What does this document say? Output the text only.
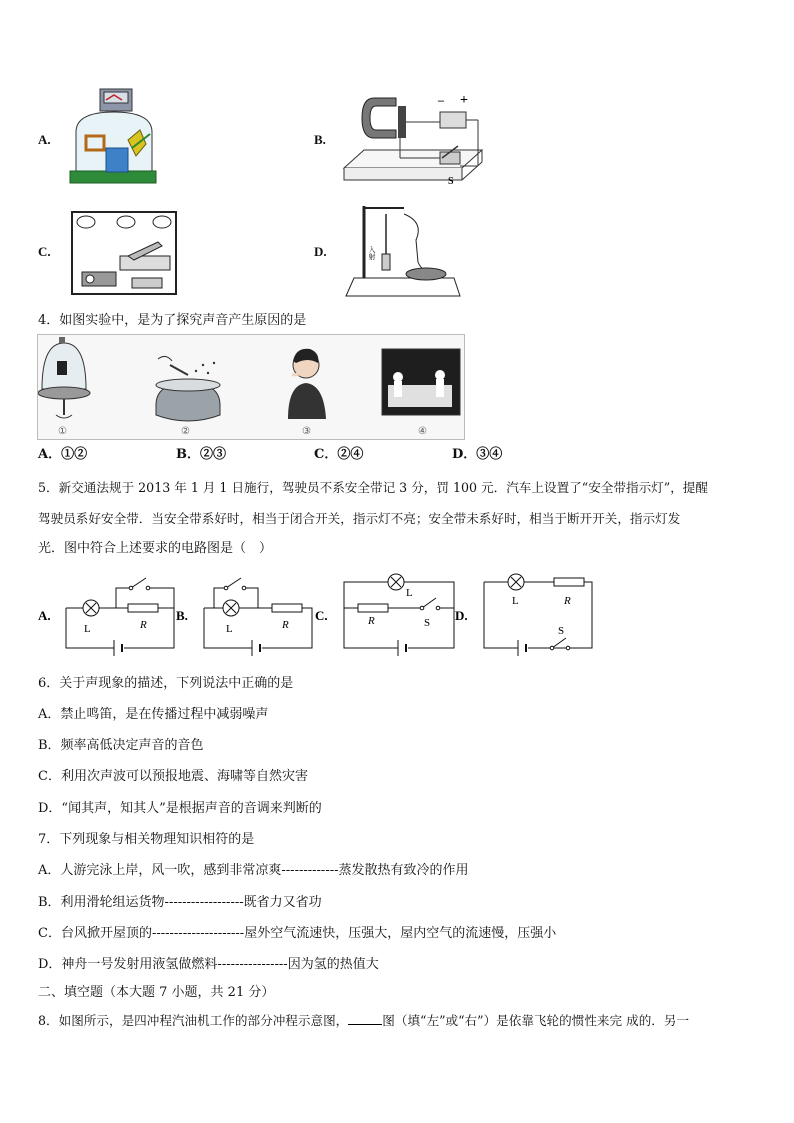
A.	B.
– +
S
C.	D.	入射
4．如图实验中，是为了探究声音产生原因的是
①	②	③	④
A．①②	B．②③	C．②④	D．③④
5．新交通法规于 2013 年 1 月 1 日施行，驾驶员不系安全带记 3 分，罚 100 元．汽车上设置了“安全带指示灯”，提醒
驾驶员系好安全带．当安全带系好时，相当于闭合开关，指示灯不亮；安全带未系好时，相当于断开开关，指示灯发
光．图中符合上述要求的电路图是（　）
A.
L	R
B.
L	R
C.
L
R	S D.
L	R
S
6．关于声现象的描述，下列说法中正确的是
A．禁止鸣笛，是在传播过程中减弱噪声
B．频率高低决定声音的音色
C．利用次声波可以预报地震、海啸等自然灾害
D．“闻其声，知其人”是根据声音的音调来判断的
7．下列现象与相关物理知识相符的是
A．人游完泳上岸，风一吹，感到非常凉爽-------------蒸发散热有致冷的作用
B．利用滑轮组运货物------------------既省力又省功
C．台风掀开屋顶的---------------------屋外空气流速快，压强大，屋内空气的流速慢，压强小
D．神舟一号发射用液氢做燃料----------------因为氢的热值大
二、填空题（本大题 7 小题，共 21 分）
8．如图所示，是四冲程汽油机工作的部分冲程示意图，	图（填“左”或“右”）是依靠飞轮的惯性来完 成的．另一
